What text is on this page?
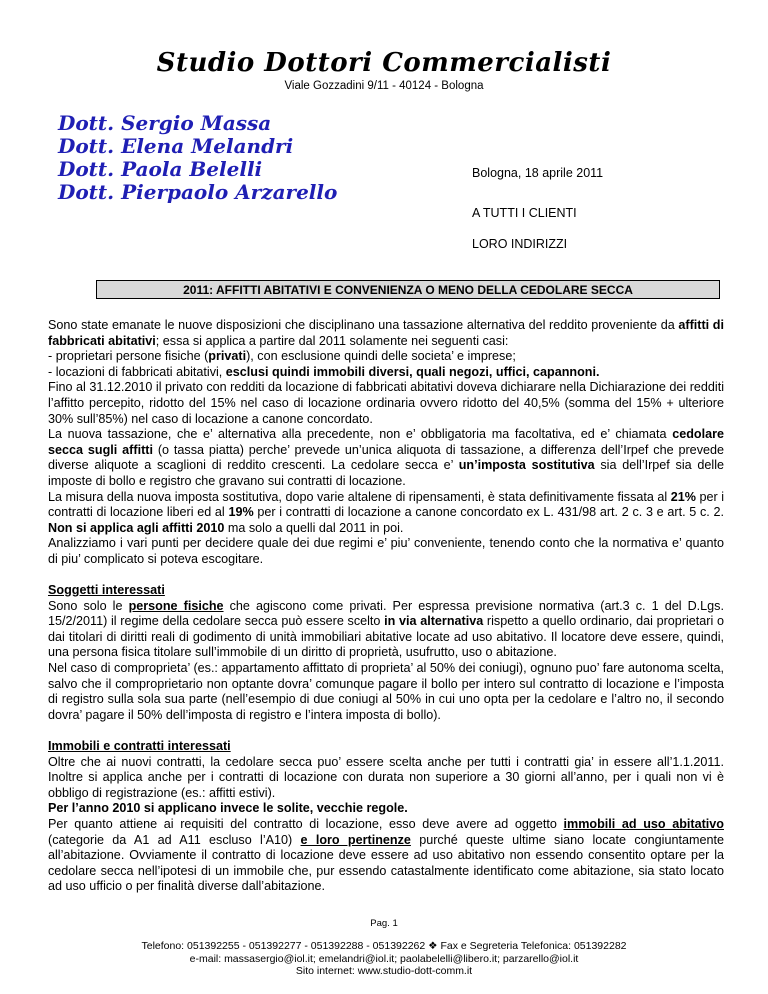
Studio Dottori Commercialisti
Viale Gozzadini 9/11 - 40124 - Bologna
Dott. Sergio Massa
Dott. Elena Melandri
Dott. Paola Belelli
Dott. Pierpaolo Arzarello
Bologna, 18 aprile 2011
A TUTTI I CLIENTI
LORO INDIRIZZI
2011: AFFITTI ABITATIVI E CONVENIENZA O MENO DELLA CEDOLARE SECCA

Sono state emanate le nuove disposizioni che disciplinano una tassazione alternativa del reddito proveniente da affitti di fabbricati abitativi; essa si applica a partire dal 2011 solamente nei seguenti casi:

- proprietari persone fisiche (privati), con esclusione quindi delle societa’ e imprese;

- locazioni di fabbricati abitativi, esclusi quindi immobili diversi, quali negozi, uffici, capannoni.

Fino al 31.12.2010 il privato con redditi da locazione di fabbricati abitativi doveva dichiarare nella Dichiarazione dei redditi l’affitto percepito, ridotto del 15% nel caso di locazione ordinaria ovvero ridotto del 40,5% (somma del 15% + ulteriore 30% sull’85%) nel caso di locazione a canone concordato.

La nuova tassazione, che e’ alternativa alla precedente, non e’ obbligatoria ma facoltativa, ed e’ chiamata cedolare secca sugli affitti (o tassa piatta) perche’ prevede un’unica aliquota di tassazione, a differenza dell’Irpef che prevede diverse aliquote a scaglioni di reddito crescenti. La cedolare secca e’ un’imposta sostitutiva sia dell’Irpef sia delle imposte di bollo e registro che gravano sui contratti di locazione.

La misura della nuova imposta sostitutiva, dopo varie altalene di ripensamenti, è stata definitivamente fissata al 21% per i contratti di locazione liberi ed al 19% per i contratti di locazione a canone concordato ex L. 431/98 art. 2 c. 3 e art. 5 c. 2. Non si applica agli affitti 2010 ma solo a quelli dal 2011 in poi.

Analizziamo i vari punti per decidere quale dei due regimi e’ piu’ conveniente, tenendo conto che la normativa e’ quanto di piu’ complicato si poteva escogitare.

Soggetti interessati

Sono solo le persone fisiche che agiscono come privati. Per espressa previsione normativa (art.3 c. 1 del D.Lgs. 15/2/2011) il regime della cedolare secca può essere scelto in via alternativa rispetto a quello ordinario, dai proprietari o dai titolari di diritti reali di godimento di unità immobiliari abitative locate ad uso abitativo. Il locatore deve essere, quindi, una persona fisica titolare sull’immobile di un diritto di proprietà, usufrutto, uso o abitazione.

Nel caso di comproprieta’ (es.: appartamento affittato di proprieta’ al 50% dei coniugi), ognuno puo’ fare autonoma scelta, salvo che il comproprietario non optante dovra’ comunque pagare il bollo per intero sul contratto di locazione e l’imposta di registro sulla sola sua parte (nell’esempio di due coniugi al 50% in cui uno opta per la cedolare e l’altro no, il secondo dovra’ pagare il 50% dell’imposta di registro e l’intera imposta di bollo).

Immobili e contratti interessati

Oltre che ai nuovi contratti, la cedolare secca puo’ essere scelta anche per tutti i contratti gia’ in essere all’1.1.2011. Inoltre si applica anche per i contratti di locazione con durata non superiore a 30 giorni all’anno, per i quali non vi è obbligo di registrazione (es.: affitti estivi).

Per l’anno 2010 si applicano invece le solite, vecchie regole.

Per quanto attiene ai requisiti del contratto di locazione, esso deve avere ad oggetto immobili ad uso abitativo (categorie da A1 ad A11 escluso l’A10) e loro pertinenze purché queste ultime siano locate congiuntamente all’abitazione. Ovviamente il contratto di locazione deve essere ad uso abitativo non essendo consentito optare per la cedolare secca nell’ipotesi di un immobile che, pur essendo catastalmente identificato come abitazione, sia stato locato ad uso ufficio o per finalità diverse dall’abitazione.

Pag. 1
Telefono: 051392255 - 051392277 - 051392288 - 051392262 ❖ Fax e Segreteria Telefonica: 051392282
e-mail: massasergio@iol.it; emelandri@iol.it; paolabelelli@libero.it; parzarello@iol.it
Sito internet: www.studio-dott-comm.it
